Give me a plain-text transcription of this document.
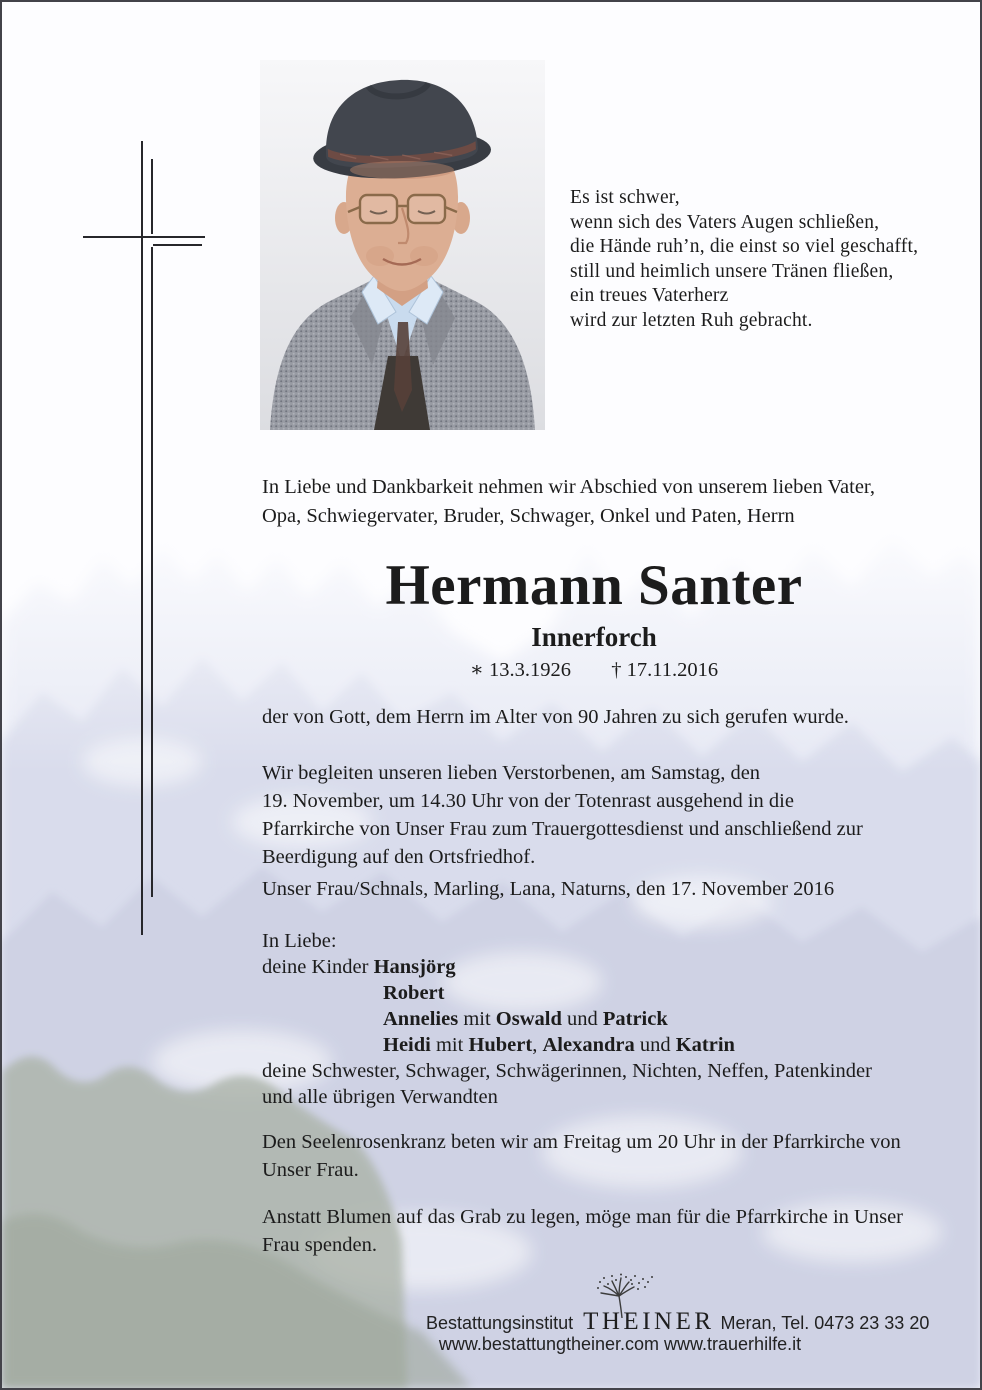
Es ist schwer,
wenn sich des Vaters Augen schließen,
die Hände ruh’n, die einst so viel geschafft,
still und heimlich unsere Tränen fließen,
ein treues Vaterherz
wird zur letzten Ruh gebracht.
In Liebe und Dankbarkeit nehmen wir Abschied von unserem lieben Vater,
Opa, Schwiegervater, Bruder, Schwager, Onkel und Paten, Herrn
Hermann Santer
Innerforch
∗ 13.3.1926 † 17.11.2016
der von Gott, dem Herrn im Alter von 90 Jahren zu sich gerufen wurde.
Wir begleiten unseren lieben Verstorbenen, am Samstag, den
19. November, um 14.30 Uhr von der Totenrast ausgehend in die
Pfarrkirche von Unser Frau zum Trauergottesdienst und anschließend zur
Beerdigung auf den Ortsfriedhof.
Unser Frau/Schnals, Marling, Lana, Naturns, den 17. November 2016
In Liebe:
deine Kinder Hansjörg
Robert
Annelies mit Oswald und Patrick
Heidi mit Hubert, Alexandra und Katrin
deine Schwester, Schwager, Schwägerinnen, Nichten, Neffen, Patenkinder
und alle übrigen Verwandten
Den Seelenrosenkranz beten wir am Freitag um 20 Uhr in der Pfarrkirche von
Unser Frau.
Anstatt Blumen auf das Grab zu legen, möge man für die Pfarrkirche in Unser
Frau spenden.
Bestattungsinstitut THEINER Meran, Tel. 0473 23 33 20
www.bestattungtheiner.com www.trauerhilfe.it
